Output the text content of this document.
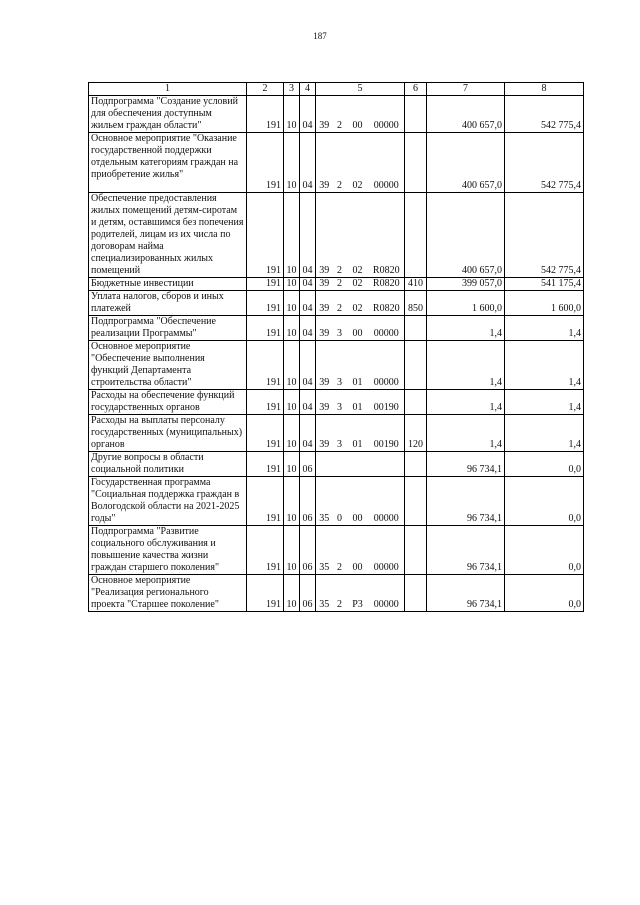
187
1	2	3	4	5				6	7	8
Подпрограмма "Создание условий для обеспечения доступным жильем граждан области"	191	10	04	39	2	00	00000		400 657,0	542 775,4
Основное мероприятие "Оказание государственной поддержки отдельным категориям граждан на приобретение жилья"	191	10	04	39	2	02	00000		400 657,0	542 775,4
Обеспечение предоставления жилых помещений детям-сиротам и детям, оставшимся без попечения родителей, лицам из их числа по договорам найма специализированных жилых помещений	191	10	04	39	2	02	R0820		400 657,0	542 775,4
Бюджетные инвестиции	191	10	04	39	2	02	R0820	410	399 057,0	541 175,4
Уплата налогов, сборов и иных платежей	191	10	04	39	2	02	R0820	850	1 600,0	1 600,0
Подпрограмма "Обеспечение реализации Программы"	191	10	04	39	3	00	00000		1,4	1,4
Основное мероприятие "Обеспечение выполнения функций Департамента строительства области"	191	10	04	39	3	01	00000		1,4	1,4
Расходы на обеспечение функций государственных органов	191	10	04	39	3	01	00190		1,4	1,4
Расходы на выплаты персоналу государственных (муниципальных) органов	191	10	04	39	3	01	00190	120	1,4	1,4
Другие вопросы в области социальной политики	191	10	06						96 734,1	0,0
Государственная программа "Социальная поддержка граждан в Вологодской области на 2021-2025 годы"	191	10	06	35	0	00	00000		96 734,1	0,0
Подпрограмма "Развитие социального обслуживания и повышение качества жизни граждан старшего поколения"	191	10	06	35	2	00	00000		96 734,1	0,0
Основное мероприятие "Реализация регионального проекта "Старшее поколение"	191	10	06	35	2	P3	00000		96 734,1	0,0
